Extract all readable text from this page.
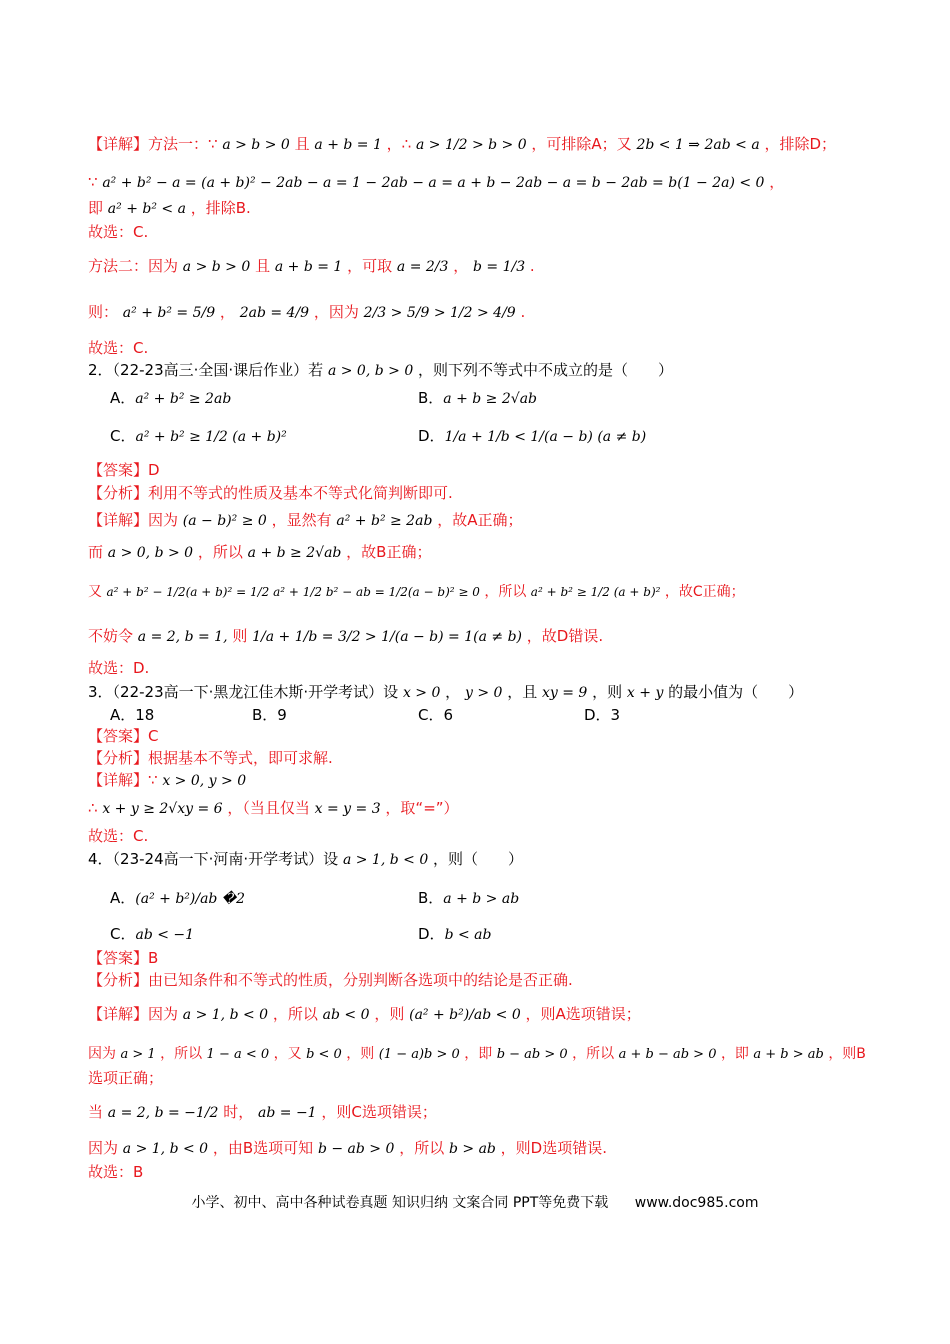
【详解】方法一：∵ a > b > 0 且 a + b = 1 ，∴ a > 1/2 > b > 0 ，可排除A；又 2b < 1 ⇒ 2ab < a ，排除D；
∵ a² + b² − a = (a + b)² − 2ab − a = 1 − 2ab − a = a + b − 2ab − a = b − 2ab = b(1 − 2a) < 0 ，
即 a² + b² < a ，排除B.
故选：C.
方法二：因为 a > b > 0 且 a + b = 1 ，可取 a = 2/3 ， b = 1/3 .
则： a² + b² = 5/9 ， 2ab = 4/9 ，因为 2/3 > 5/9 > 1/2 > 4/9 .
故选：C.
2．（22-23高三·全国·课后作业）若 a > 0, b > 0 ，则下列不等式中不成立的是（　　）
A．a² + b² ≥ 2ab	B．a + b ≥ 2√ab
C．a² + b² ≥ 1/2 (a + b)²	D．1/a + 1/b < 1/(a − b) (a ≠ b)
【答案】D
【分析】利用不等式的性质及基本不等式化简判断即可.
【详解】因为 (a − b)² ≥ 0 ，显然有 a² + b² ≥ 2ab ，故A正确；
而 a > 0, b > 0 ，所以 a + b ≥ 2√ab ，故B正确；
又 a² + b² − 1/2(a + b)² = 1/2 a² + 1/2 b² − ab = 1/2(a − b)² ≥ 0 ，所以 a² + b² ≥ 1/2 (a + b)² ，故C正确；
不妨令 a = 2, b = 1, 则 1/a + 1/b = 3/2 > 1/(a − b) = 1(a ≠ b) ，故D错误.
故选：D.
3．（22-23高一下·黑龙江佳木斯·开学考试）设 x > 0 ， y > 0 ，且 xy = 9 ，则 x + y 的最小值为（　　）
A．18	B．9	C．6	D．3
【答案】C
【分析】根据基本不等式，即可求解.
【详解】∵ x > 0, y > 0
∴ x + y ≥ 2√xy = 6 ，（当且仅当 x = y = 3 ，取“=”）
故选：C.
4．（23-24高一下·河南·开学考试）设 a > 1, b < 0 ，则（　　）
A．(a² + b²)/ab �2	B．a + b > ab
C．ab < −1	D．b < ab
【答案】B
【分析】由已知条件和不等式的性质，分别判断各选项中的结论是否正确.
【详解】因为 a > 1, b < 0 ，所以 ab < 0 ，则 (a² + b²)/ab < 0 ，则A选项错误；
因为 a > 1 ，所以 1 − a < 0 ，又 b < 0 ，则 (1 − a)b > 0 ，即 b − ab > 0 ，所以 a + b − ab > 0 ，即 a + b > ab ，则B
选项正确；
当 a = 2, b = −1/2 时， ab = −1 ，则C选项错误；
因为 a > 1, b < 0 ，由B选项可知 b − ab > 0 ，所以 b > ab ，则D选项错误.
故选：B
小学、初中、高中各种试卷真题 知识归纳 文案合同 PPT等免费下载 www.doc985.com
